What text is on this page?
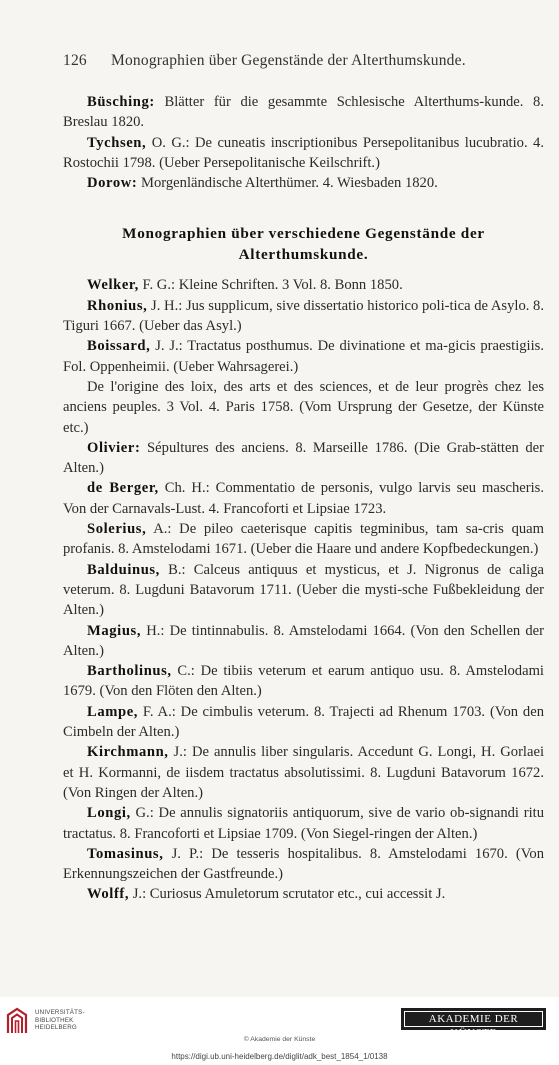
126 Monographien über Gegenstände der Alterthumskunde.

Büsching: Blätter für die gesammte Schlesische Alterthums-kunde. 8. Breslau 1820.

Tychsen, O. G.: De cuneatis inscriptionibus Persepolitanibus lucubratio. 4. Rostochii 1798. (Ueber Persepolitanische Keilschrift.)

Dorow: Morgenländische Alterthümer. 4. Wiesbaden 1820.

Monographien über verschiedene Gegenstände der
Alterthumskunde.

Welker, F. G.: Kleine Schriften. 3 Vol. 8. Bonn 1850.

Rhonius, J. H.: Jus supplicum, sive dissertatio historico poli-tica de Asylo. 8. Tiguri 1667. (Ueber das Asyl.)

Boissard, J. J.: Tractatus posthumus. De divinatione et ma-gicis praestigiis. Fol. Oppenheimii. (Ueber Wahrsagerei.)

De l'origine des loix, des arts et des sciences, et de leur progrès chez les anciens peuples. 3 Vol. 4. Paris 1758. (Vom Ursprung der Gesetze, der Künste etc.)

Olivier: Sépultures des anciens. 8. Marseille 1786. (Die Grab-stätten der Alten.)

de Berger, Ch. H.: Commentatio de personis, vulgo larvis seu mascheris. Von der Carnavals-Lust. 4. Francoforti et Lipsiae 1723.

Solerius, A.: De pileo caeterisque capitis tegminibus, tam sa-cris quam profanis. 8. Amstelodami 1671. (Ueber die Haare und andere Kopfbedeckungen.)

Balduinus, B.: Calceus antiquus et mysticus, et J. Nigronus de caliga veterum. 8. Lugduni Batavorum 1711. (Ueber die mysti-sche Fußbekleidung der Alten.)

Magius, H.: De tintinnabulis. 8. Amstelodami 1664. (Von den Schellen der Alten.)

Bartholinus, C.: De tibiis veterum et earum antiquo usu. 8. Amstelodami 1679. (Von den Flöten den Alten.)

Lampe, F. A.: De cimbulis veterum. 8. Trajecti ad Rhenum 1703. (Von den Cimbeln der Alten.)

Kirchmann, J.: De annulis liber singularis. Accedunt G. Longi, H. Gorlaei et H. Kormanni, de iisdem tractatus absolutissimi. 8. Lugduni Batavorum 1672. (Von Ringen der Alten.)

Longi, G.: De annulis signatoriis antiquorum, sive de vario ob-signandi ritu tractatus. 8. Francoforti et Lipsiae 1709. (Von Siegel-ringen der Alten.)

Tomasinus, J. P.: De tesseris hospitalibus. 8. Amstelodami 1670. (Von Erkennungszeichen der Gastfreunde.)

Wolff, J.: Curiosus Amuletorum scrutator etc., cui accessit J.

UNIVERSITÄTS-
BIBLIOTHEK
HEIDELBERG
AKADEMIE DER KÜNSTE
© Akademie der Künste
https://digi.ub.uni-heidelberg.de/diglit/adk_best_1854_1/0138
